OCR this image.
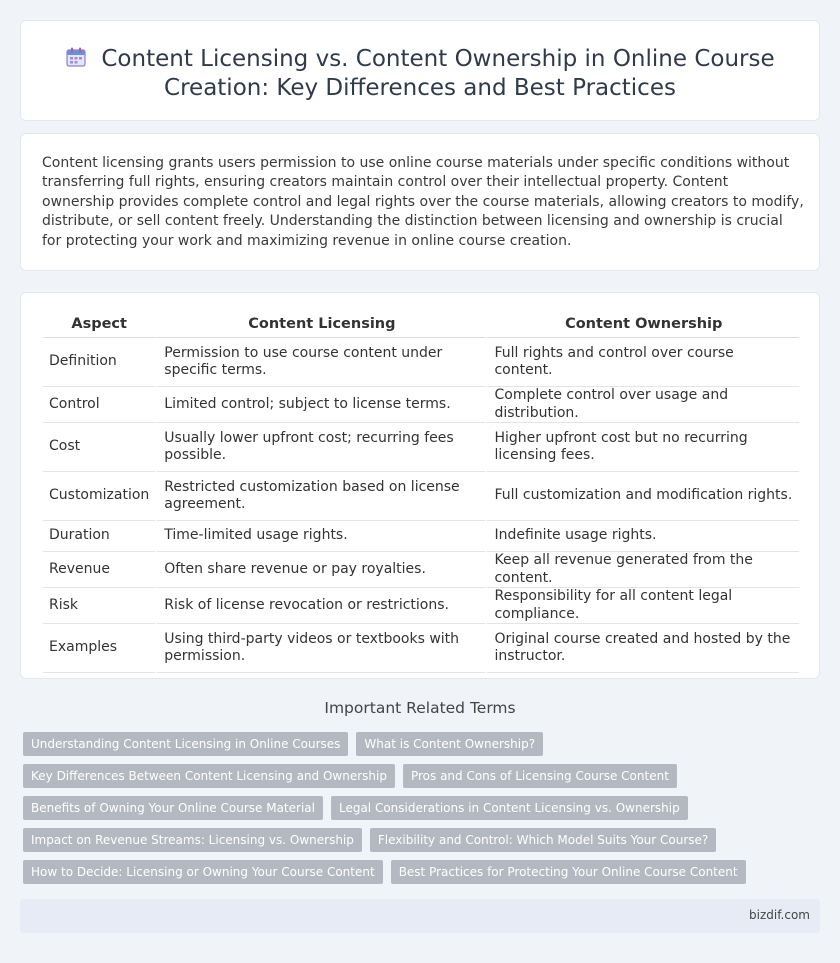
Content Licensing vs. Content Ownership in Online Course
Creation: Key Differences and Best Practices

Content licensing grants users permission to use online course materials under specific conditions without transferring full rights, ensuring creators maintain control over their intellectual property. Content ownership provides complete control and legal rights over the course materials, allowing creators to modify, distribute, or sell content freely. Understanding the distinction between licensing and ownership is crucial for protecting your work and maximizing revenue in online course creation.

Aspect	Content Licensing	Content Ownership
Definition	Permission to use course content under specific terms.	Full rights and control over course content.
Control	Limited control; subject to license terms.	Complete control over usage and distribution.
Cost	Usually lower upfront cost; recurring fees possible.	Higher upfront cost but no recurring licensing fees.
Customization	Restricted customization based on license agreement.	Full customization and modification rights.
Duration	Time-limited usage rights.	Indefinite usage rights.
Revenue	Often share revenue or pay royalties.	Keep all revenue generated from the content.
Risk	Risk of license revocation or restrictions.	Responsibility for all content legal compliance.
Examples	Using third-party videos or textbooks with permission.	Original course created and hosted by the instructor.
Important Related Terms
Understanding Content Licensing in Online Courses	What is Content Ownership?
Key Differences Between Content Licensing and Ownership	Pros and Cons of Licensing Course Content
Benefits of Owning Your Online Course Material	Legal Considerations in Content Licensing vs. Ownership
Impact on Revenue Streams: Licensing vs. Ownership	Flexibility and Control: Which Model Suits Your Course?
How to Decide: Licensing or Owning Your Course Content	Best Practices for Protecting Your Online Course Content
bizdif.com
